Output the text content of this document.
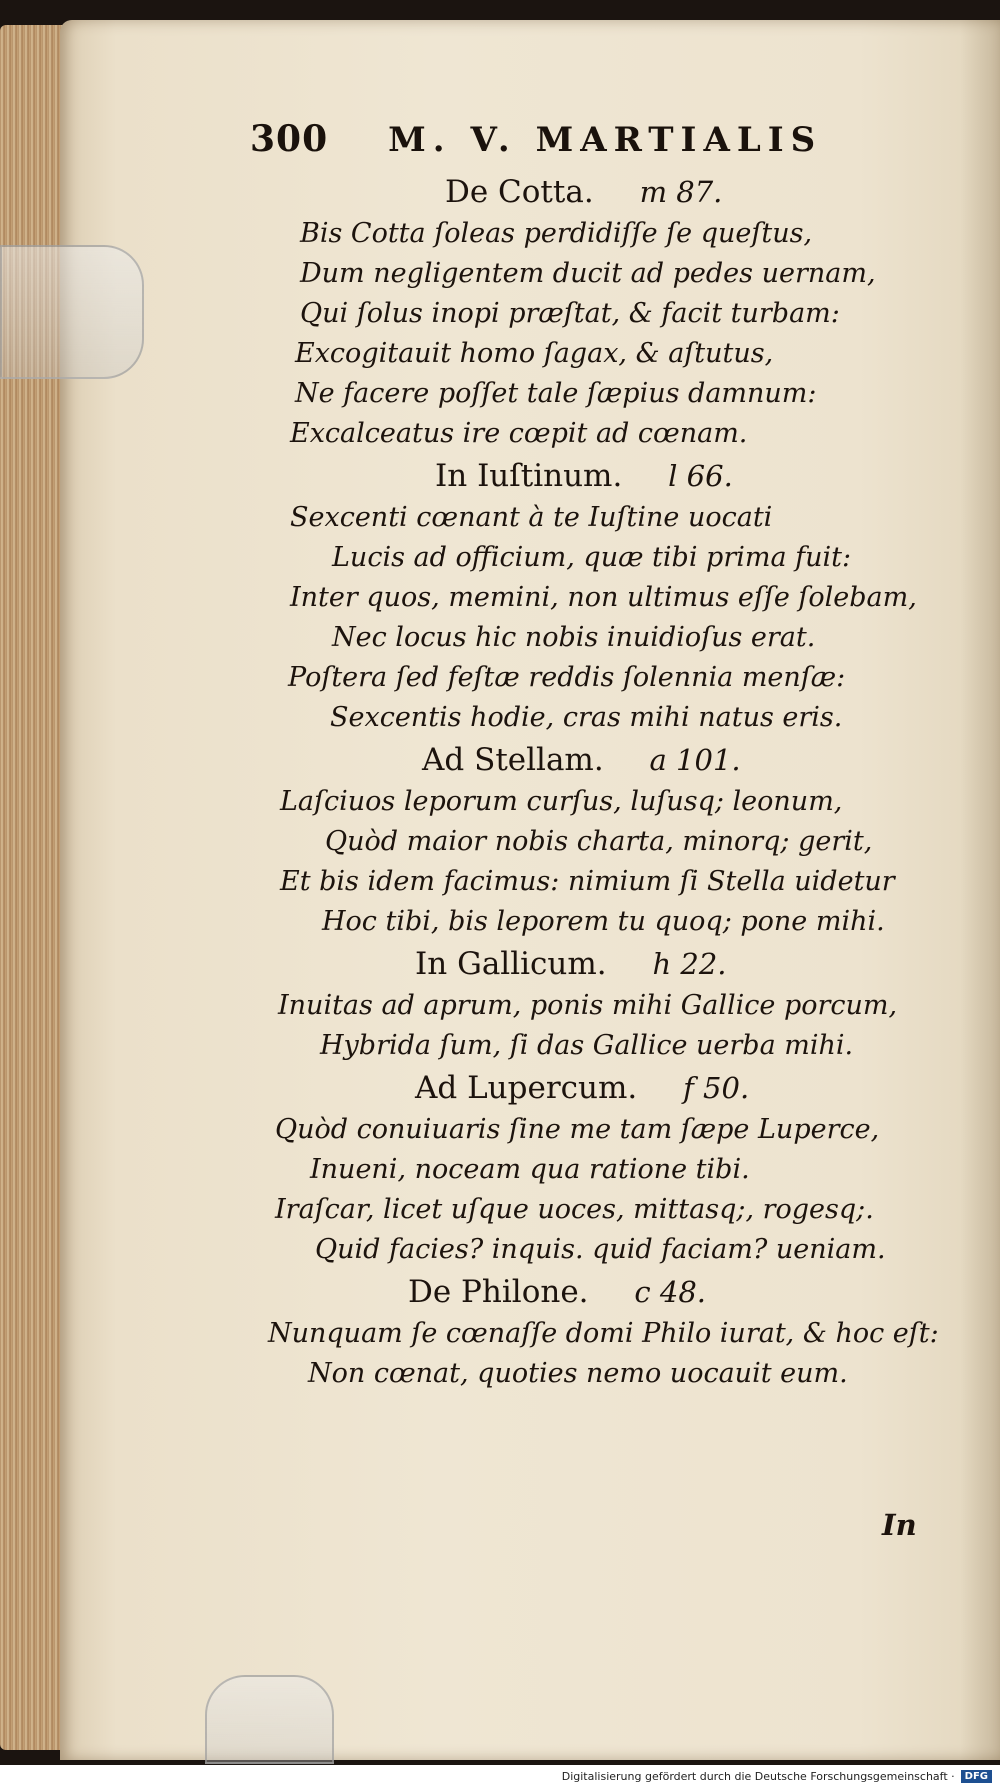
300 M. V. MARTIALIS
De Cotta. m 87.
Bis Cotta ſoleas perdidiſſe ſe queſtus,
Dum negligentem ducit ad pedes uernam,
Qui ſolus inopi præſtat, & facit turbam:
Excogitauit homo ſagax, & aſtutus,
Ne facere poſſet tale ſæpius damnum:
Excalceatus ire cœpit ad cœnam.
In Iuſtinum. l 66.
Sexcenti cœnant à te Iuſtine uocati
Lucis ad officium, quæ tibi prima fuit:
Inter quos, memini, non ultimus eſſe ſolebam,
Nec locus hic nobis inuidioſus erat.
Poſtera ſed feſtæ reddis ſolennia menſæ:
Sexcentis hodie, cras mihi natus eris.
Ad Stellam. a 101.
Laſciuos leporum curſus, luſusq; leonum,
Quòd maior nobis charta, minorq; gerit,
Et bis idem facimus: nimium ſi Stella uidetur
Hoc tibi, bis leporem tu quoq; pone mihi.
In Gallicum. h 22.
Inuitas ad aprum, ponis mihi Gallice porcum,
Hybrida ſum, ſi das Gallice uerba mihi.
Ad Lupercum. f 50.
Quòd conuiuaris ſine me tam ſæpe Luperce,
Inueni, noceam qua ratione tibi.
Iraſcar, licet uſque uoces, mittasq;, rogesq;.
Quid facies? inquis. quid faciam? ueniam.
De Philone. c 48.
Nunquam ſe cœnaſſe domi Philo iurat, & hoc eſt:
Non cœnat, quoties nemo uocauit eum.
In
Digitalisierung gefördert durch die Deutsche Forschungsgemeinschaft ·	DFG
